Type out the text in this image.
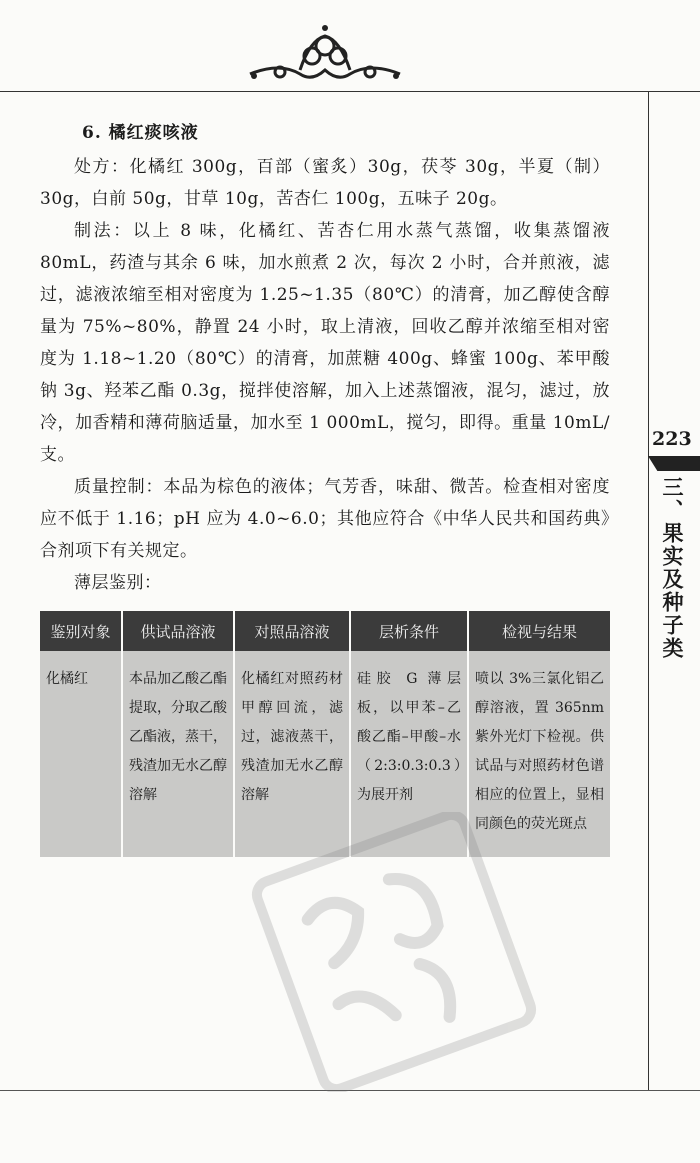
6. 橘红痰咳液

处方：化橘红 300g，百部（蜜炙）30g，茯苓 30g，半夏（制）30g，白前 50g，甘草 10g，苦杏仁 100g，五味子 20g。

制法：以上 8 味，化橘红、苦杏仁用水蒸气蒸馏，收集蒸馏液 80mL，药渣与其余 6 味，加水煎煮 2 次，每次 2 小时，合并煎液，滤过，滤液浓缩至相对密度为 1.25~1.35（80℃）的清膏，加乙醇使含醇量为 75%~80%，静置 24 小时，取上清液，回收乙醇并浓缩至相对密度为 1.18~1.20（80℃）的清膏，加蔗糖 400g、蜂蜜 100g、苯甲酸钠 3g、羟苯乙酯 0.3g，搅拌使溶解，加入上述蒸馏液，混匀，滤过，放冷，加香精和薄荷脑适量，加水至 1 000mL，搅匀，即得。重量 10mL/支。

质量控制：本品为棕色的液体；气芳香，味甜、微苦。检查相对密度应不低于 1.16；pH 应为 4.0~6.0；其他应符合《中华人民共和国药典》合剂项下有关规定。

薄层鉴别：

鉴别对象	供试品溶液	对照品溶液	层析条件	检视与结果
化橘红	本品加乙酸乙酯提取，分取乙酸乙酯液，蒸干，残渣加无水乙醇溶解	化橘红对照药材甲醇回流，滤过，滤液蒸干，残渣加无水乙醇溶解	硅胶 G 薄层板，以甲苯–乙酸乙酯–甲酸–水（2:3:0.3:0.3）为展开剂	喷以 3%三氯化铝乙醇溶液，置 365nm 紫外光灯下检视。供试品与对照药材色谱相应的位置上，显相同颜色的荧光斑点
223
三、果实及种子类
